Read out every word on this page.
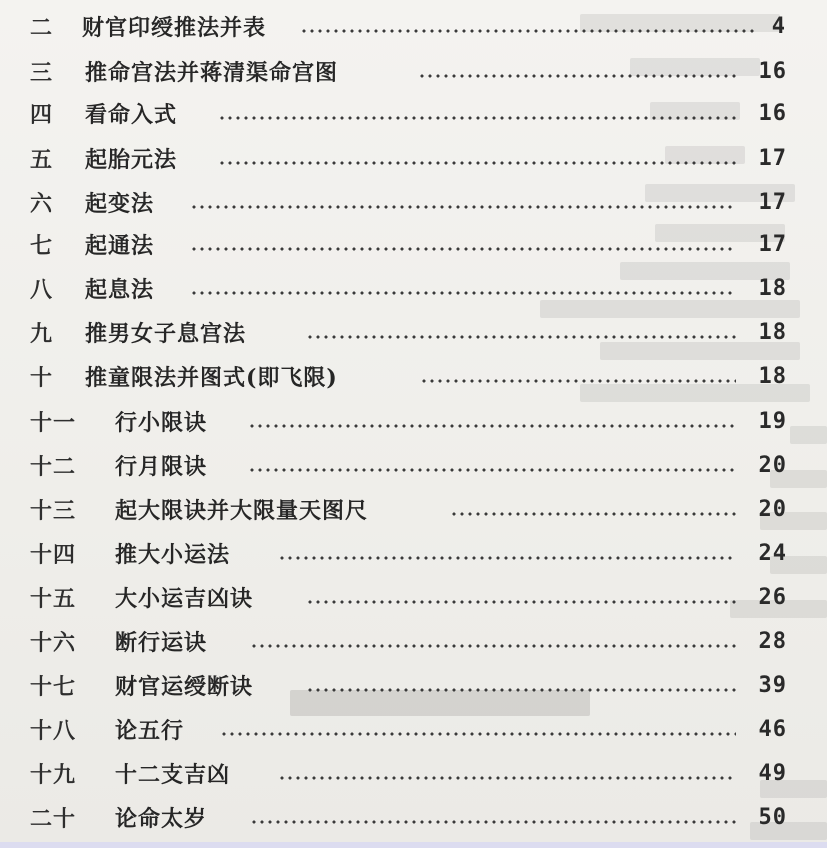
二 财官印绶推法并表	4
三 推命宫法并蒋清渠命宫图	16
四 看命入式	16
五 起胎元法	17
六 起变法	17
七 起通法	17
八 起息法	18
九 推男女子息宫法	18
十 推童限法并图式(即飞限)	18
十一 行小限诀	19
十二 行月限诀	20
十三 起大限诀并大限量天图尺	20
十四 推大小运法	24
十五 大小运吉凶诀	26
十六 断行运诀	28
十七 财官运绶断诀	39
十八 论五行	46
十九 十二支吉凶	49
二十 论命太岁	50
